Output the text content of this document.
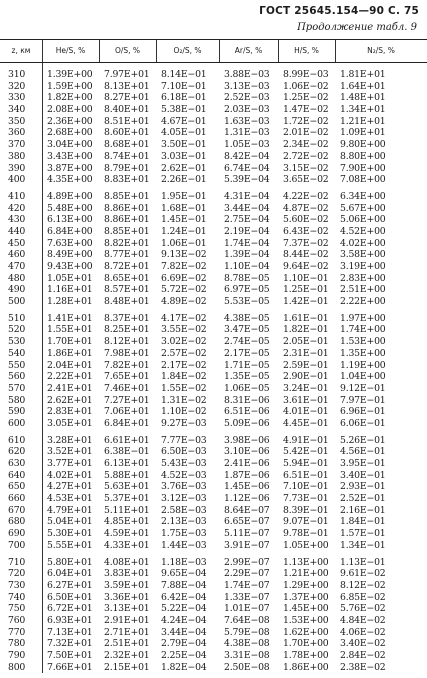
ГОСТ 25645.154—90 С. 75
Продолжение табл. 9
z, км	He/S, %	O/S, %	O₂/S, %	Ar/S, %	H/S, %	N₂/S, %
310	1.39E+00 7.97E+01 8.14E−01 3.88E−03 8.99E−03 1.81E+01
320	1.59E+00 8.13E+01 7.10E−01 3.13E−03 1.06E−02 1.64E+01
330	1.82E+00 8.27E+01 6.18E−01 2.52E−03 1.25E−02 1.48E+01
340	2.08E+00 8.40E+01 5.38E−01 2.03E−03 1.47E−02 1.34E+01
350	2.36E+00 8.51E+01 4.67E−01 1.63E−03 1.72E−02 1.21E+01
360	2.68E+00 8.60E+01 4.05E−01 1.31E−03 2.01E−02 1.09E+01
370	3.04E+00 8.68E+01 3.50E−01 1.05E−03 2.34E−02 9.80E+00
380	3.43E+00 8.74E+01 3.03E−01 8.42E−04 2.72E−02 8.80E+00
390	3.87E+00 8.79E+01 2.62E−01 6.74E−04 3.15E−02 7.90E+00
400	4.35E+00 8.83E+01 2.26E−01 5.39E−04 3.65E−02 7.08E+00
410	4.89E+00 8.85E+01 1.95E−01 4.31E−04 4.22E−02 6.34E+00
420	5.48E+00 8.86E+01 1.68E−01 3.44E−04 4.87E−02 5.67E+00
430	6.13E+00 8.86E+01 1.45E−01 2.75E−04 5.60E−02 5.06E+00
440	6.84E+00 8.85E+01 1.24E−01 2.19E−04 6.43E−02 4.52E+00
450	7.63E+00 8.82E+01 1.06E−01 1.74E−04 7.37E−02 4.02E+00
460	8.49E+00 8.77E+01 9.13E−02 1.39E−04 8.44E−02 3.58E+00
470	9.43E+00 8.72E+01 7.82E−02 1.10E−04 9.64E−02 3.19E+00
480	1.05E+01 8.65E+01 6.69E−02 8.78E−05 1.10E−01 2.83E+00
490	1.16E+01 8.57E+01 5.72E−02 6.97E−05 1.25E−01 2.51E+00
500	1.28E+01 8.48E+01 4.89E−02 5.53E−05 1.42E−01 2.22E+00
510	1.41E+01 8.37E+01 4.17E−02 4.38E−05 1.61E−01 1.97E+00
520	1.55E+01 8.25E+01 3.55E−02 3.47E−05 1.82E−01 1.74E+00
530	1.70E+01 8.12E+01 3.02E−02 2.74E−05 2.05E−01 1.53E+00
540	1.86E+01 7.98E+01 2.57E−02 2.17E−05 2.31E−01 1.35E+00
550	2.04E+01 7.82E+01 2.17E−02 1.71E−05 2.59E−01 1.19E+00
560	2.22E+01 7.65E+01 1.84E−02 1.35E−05 2.90E−01 1.04E+00
570	2.41E+01 7.46E+01 1.55E−02 1.06E−05 3.24E−01 9.12E−01
580	2.62E+01 7.27E+01 1.31E−02 8.31E−06 3.61E−01 7.97E−01
590	2.83E+01 7.06E+01 1.10E−02 6.51E−06 4.01E−01 6.96E−01
600	3.05E+01 6.84E+01 9.27E−03 5.09E−06 4.45E−01 6.06E−01
610	3.28E+01 6.61E+01 7.77E−03 3.98E−06 4.91E−01 5.26E−01
620	3.52E+01 6.38E−01 6.50E−03 3.10E−06 5.42E−01 4.56E−01
630	3.77E+01 6.13E+01 5.43E−03 2.41E−06 5.94E−01 3.95E−01
640	4.02E+01 5.88E+01 4.52E−03 1.87E−06 6.51E−01 3.40E−01
650	4.27E+01 5.63E+01 3.76E−03 1.45E−06 7.10E−01 2.93E−01
660	4.53E+01 5.37E+01 3.12E−03 1.12E−06 7.73E−01 2.52E−01
670	4.79E+01 5.11E+01 2.58E−03 8.64E−07 8.39E−01 2.16E−01
680	5.04E+01 4.85E+01 2.13E−03 6.65E−07 9.07E−01 1.84E−01
690	5.30E+01 4.59E+01 1.75E−03 5.11E−07 9.78E−01 1.57E−01
700	5.55E+01 4.33E+01 1.44E−03 3.91E−07 1.05E+00 1.34E−01
710	5.80E+01 4.08E+01 1.18E−03 2.99E−07 1.13E+00 1.13E−01
720	6.04E+01 3.83E+01 9.65E−04 2.29E−07 1.21E+00 9.61E−02
730	6.27E+01 3.59E+01 7.88E−04 1.74E−07 1.29E+00 8.12E−02
740	6.50E+01 3.36E+01 6.42E−04 1.33E−07 1.37E+00 6.85E−02
750	6.72E+01 3.13E+01 5.22E−04 1.01E−07 1.45E+00 5.76E−02
760	6.93E+01 2.91E+01 4.24E−04 7.64E−08 1.53E+00 4.84E−02
770	7.13E+01 2.71E+01 3.44E−04 5.79E−08 1.62E+00 4.06E−02
780	7.32E+01 2.51E+01 2.79E−04 4.38E−08 1.70E+00 3.40E−02
790	7.50E+01 2.32E+01 2.25E−04 3.31E−08 1.78E+00 2.84E−02
800	7.66E+01 2.15E+01 1.82E−04 2.50E−08 1.86E+00 2.38E−02
